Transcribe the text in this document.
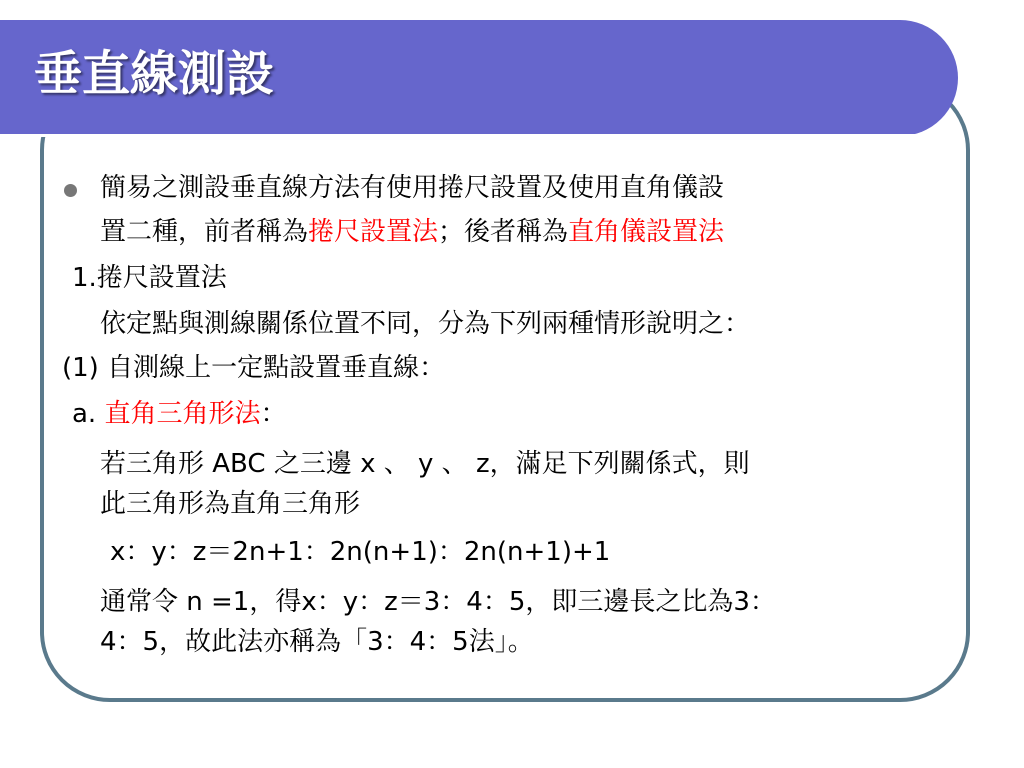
垂直線測設
簡易之測設垂直線方法有使用捲尺設置及使用直角儀設
置二種，前者稱為捲尺設置法；後者稱為直角儀設置法
1.捲尺設置法
依定點與測線關係位置不同，分為下列兩種情形說明之：
(1) 自測線上一定點設置垂直線：
a. 直角三角形法：
若三角形 ABC 之三邊 x 、 y 、 z，滿足下列關係式，則
此三角形為直角三角形
x：y：z＝2n+1：2n(n+1)：2n(n+1)+1
通常令 n =1，得x：y：z＝3：4：5，即三邊長之比為3：
4：5，故此法亦稱為「3：4：5法」。
